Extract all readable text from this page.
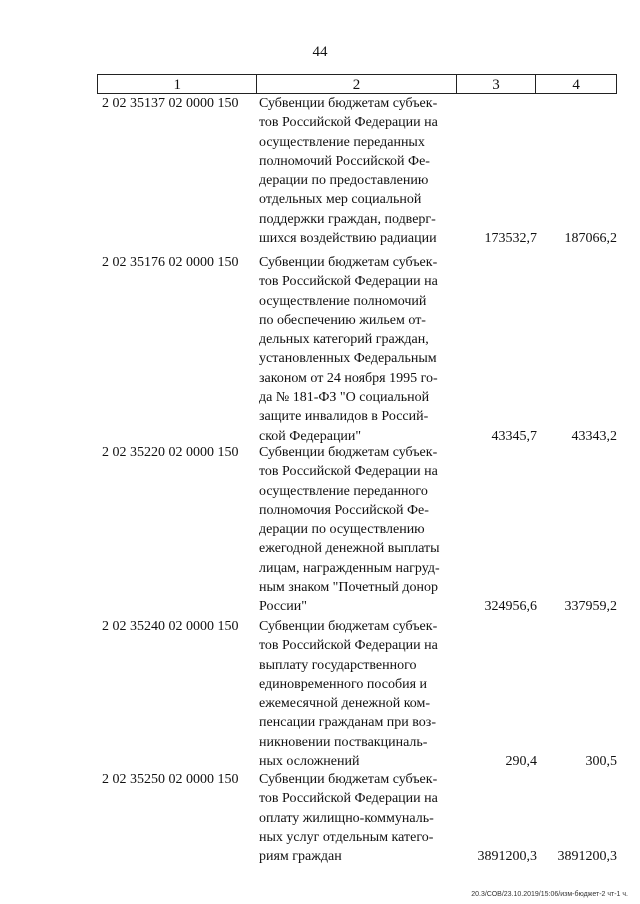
44
1	2	3	4
2 02 35137 02 0000 150 Субвенции бюджетам субъек-
тов Российской Федерации на
осуществление переданных
полномочий Российской Фе-
дерации по предоставлению
отдельных мер социальной
поддержки граждан, подверг-
шихся воздействию радиации	173532,7	187066,2
2 02 35176 02 0000 150 Субвенции бюджетам субъек-
тов Российской Федерации на
осуществление полномочий
по обеспечению жильем от-
дельных категорий граждан,
установленных Федеральным
законом от 24 ноября 1995 го-
да № 181-ФЗ "О социальной
защите инвалидов в Россий-
ской Федерации"	43345,7	43343,2
2 02 35220 02 0000 150 Субвенции бюджетам субъек-
тов Российской Федерации на
осуществление переданного
полномочия Российской Фе-
дерации по осуществлению
ежегодной денежной выплаты
лицам, награжденным нагруд-
ным знаком "Почетный донор
России"	324956,6	337959,2
2 02 35240 02 0000 150 Субвенции бюджетам субъек-
тов Российской Федерации на
выплату государственного
единовременного пособия и
ежемесячной денежной ком-
пенсации гражданам при воз-
никновении поствакциналь-
ных осложнений	290,4	300,5
2 02 35250 02 0000 150 Субвенции бюджетам субъек-
тов Российской Федерации на
оплату жилищно-коммуналь-
ных услуг отдельным катего-
риям граждан	3891200,3	3891200,3
20.3/СОВ/23.10.2019/15:06/изм-бюджет-2 чт-1 ч.
